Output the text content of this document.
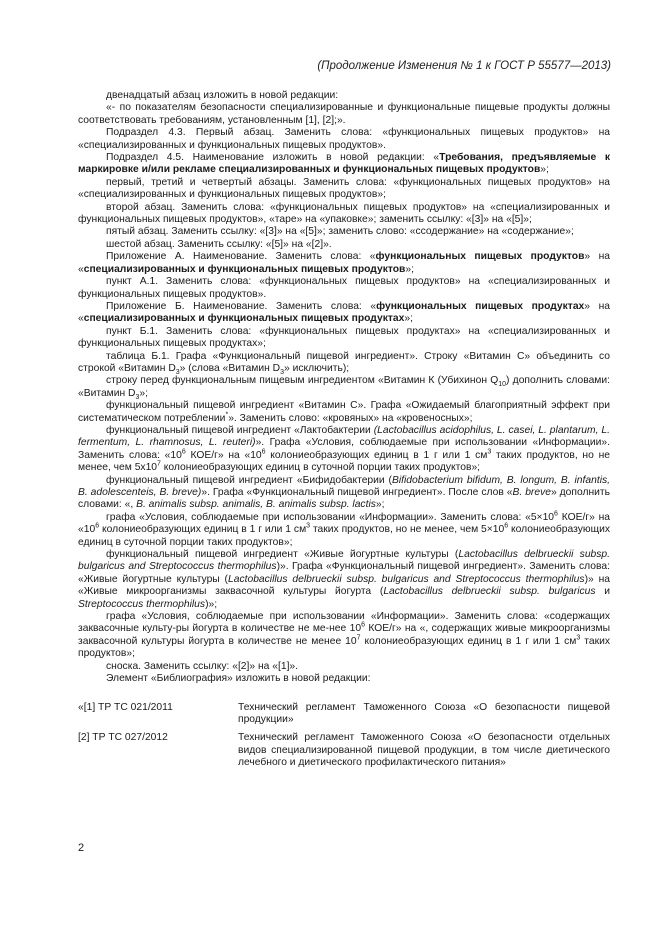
(Продолжение Изменения № 1 к ГОСТ Р 55577—2013)

двенадцатый абзац изложить в новой редакции:

«- по показателям безопасности специализированные и функциональные пищевые продукты должны соответствовать требованиям, установленным [1], [2];».

Подраздел 4.3. Первый абзац. Заменить слова: «функциональных пищевых продуктов» на «специализированных и функциональных пищевых продуктов».

Подраздел 4.5. Наименование изложить в новой редакции: «Требования, предъявляемые к маркировке и/или рекламе специализированных и функциональных пищевых продуктов»;

первый, третий и четвертый абзацы. Заменить слова: «функциональных пищевых продуктов» на «специализированных и функциональных пищевых продуктов»;

второй абзац. Заменить слова: «функциональных пищевых продуктов» на «специализированных и функциональных пищевых продуктов», «таре» на «упаковке»; заменить ссылку: «[3]» на «[5]»;

пятый абзац. Заменить ссылку: «[3]» на «[5]»; заменить слово: «ссодержание» на «содержание»;

шестой абзац. Заменить ссылку: «[5]» на «[2]».

Приложение А. Наименование. Заменить слова: «функциональных пищевых продуктов» на «специализированных и функциональных пищевых продуктов»;

пункт А.1. Заменить слова: «функциональных пищевых продуктов» на «специализированных и функциональных пищевых продуктов».

Приложение Б. Наименование. Заменить слова: «функциональных пищевых продуктах» на «специализированных и функциональных пищевых продуктах»;

пункт Б.1. Заменить слова: «функциональных пищевых продуктах» на «специализированных и функциональных пищевых продуктах»;

таблица Б.1. Графа «Функциональный пищевой ингредиент». Строку «Витамин С» объединить со строкой «Витамин $D_3$» (слова «Витамин $D_3$» исключить);

строку перед функциональным пищевым ингредиентом «Витамин К (Убихинон $Q_{10}$) дополнить словами: «Витамин $D_3$»;

функциональный пищевой ингредиент «Витамин С». Графа «Ожидаемый благоприятный эффект при систематическом потреблении*». Заменить слово: «кровяных» на «кровеносных»;

функциональный пищевой ингредиент «Лактобактерии (Lactobacillus acidophilus, L. casei, L. plantarum, L. fermentum, L. rhamnosus, L. reuteri)». Графа «Условия, соблюдаемые при использовании «Информации». Заменить слова: «$10^6$ КОЕ/г» на «$10^6$ колониеобразующих единиц в 1 г или 1 $см^3$ таких продуктов, но не менее, чем $5х10^7$ колониеобразующих единиц в суточной порции таких продуктов»;

функциональный пищевой ингредиент «Бифидобактерии (Bifidobacterium bifidum, B. longum, B. infantis, B. adolescenteis, B. breve)». Графа «Функциональный пищевой ингредиент». После слов «B. breve» дополнить словами: «, B. animalis subsp. animalis, B. animalis subsp. lactis»;

графа «Условия, соблюдаемые при использовании «Информации». Заменить слова: «$5\times 10^6$ КОЕ/г» на «$10^6$ колониеобразующих единиц в 1 г или 1 $см^3$ таких продуктов, но не менее, чем $5\times 10^6$ колониеобразующих единиц в суточной порции таких продуктов»;

функциональный пищевой ингредиент «Живые йогуртные культуры (Lactobacillus delbrueckii subsp. bulgaricus and Streptococcus thermophilus)». Графа «Функциональный пищевой ингредиент». Заменить слова: «Живые йогуртные культуры (Lactobacillus delbrueckii subsp. bulgaricus and Streptococcus thermophilus)» на «Живые микроорганизмы заквасочной культуры йогурта (Lactobacillus delbrueckii subsp. bulgaricus и Streptococcus thermophilus)»;

графа «Условия, соблюдаемые при использовании «Информации». Заменить слова: «содержащих заквасочные культу-ры йогурта в количестве не ме-нее $10^6$ КОЕ/г» на «, содержащих живые микроорганизмы заквасочной культуры йогурта в количестве не менее $10^7$ колониеобразующих единиц в 1 г или 1 $см^3$ таких продуктов»;

сноска. Заменить ссылку: «[2]» на «[1]».

Элемент «Библиография» изложить в новой редакции:

«[1] ТР ТС 021/2011	Технический регламент Таможенного Союза «О безопасности пищевой продукции»
[2] ТР ТС 027/2012	Технический регламент Таможенного Союза «О безопасности отдельных видов специализированной пищевой продукции, в том числе диетического лечебного и диетического профилактического питания»
2
